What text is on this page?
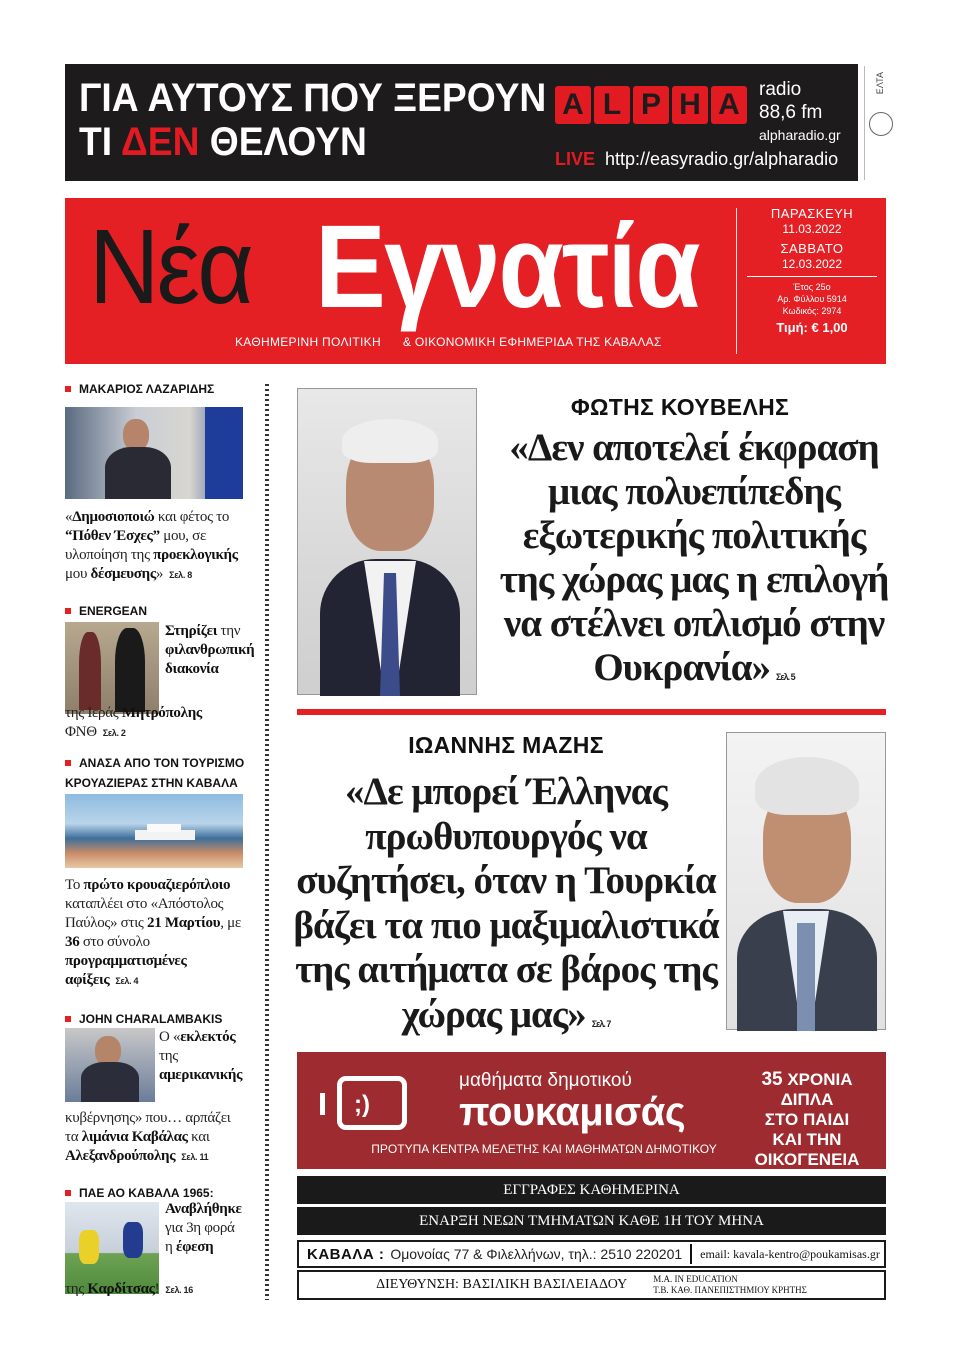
ΓΙΑ ΑΥΤΟΥΣ ΠΟΥ ΞΕΡΟΥΝ
ΤΙ ΔΕΝ ΘΕΛΟΥΝ
A L P H A	radio
88,6 fm
alpharadio.gr
LIVE http://easyradio.gr/alpharadio
ΕΛΤΑ
Νέα Εγνατία
ΚΑΘΗΜΕΡΙΝΗ ΠΟΛΙΤΙΚΗ & ΟΙΚΟΝΟΜΙΚΗ ΕΦΗΜΕΡΙΔΑ ΤΗΣ ΚΑΒΑΛΑΣ
ΠΑΡΑΣΚΕΥΗ
11.03.2022
ΣΑΒΒΑΤΟ
12.03.2022
Έτος 25ο
Αρ. Φύλλου 5914
Κωδικός: 2974
Τιμή: € 1,00
ΜΑΚΑΡΙΟΣ ΛΑΖΑΡΙΔΗΣ
«Δημοσιοποιώ και φέτος το “Πόθεν Έσχες” μου, σε υλοποίηση της προεκλογικής μου δέσμευσης» Σελ. 8
ENERGEAN
Στηρίζει την φιλανθρωπική διακονία
της Ιεράς Μητρόπολης
ΦΝΘ Σελ. 2
ΑΝΑΣΑ ΑΠΟ ΤΟΝ ΤΟΥΡΙΣΜΟ
ΚΡΟΥΑΖΙΕΡΑΣ ΣΤΗΝ ΚΑΒΑΛΑ
Το πρώτο κρουαζιερόπλοιο καταπλέει στο «Απόστολος Παύλος» στις 21 Μαρτίου, με 36 στο σύνολο προγραμματισμένες αφίξεις Σελ. 4
JOHN CHARALAMBAKIS
Ο «εκλεκτός της αμερικανικής
κυβέρνησης» που… αρπάζει τα λιμάνια Καβάλας και Αλεξανδρούπολης Σελ. 11
ΠΑΕ ΑΟ ΚΑΒΑΛΑ 1965:
Αναβλήθηκε για 3η φορά η έφεση
της Καρδίτσας! Σελ. 16
ΦΩΤΗΣ ΚΟΥΒΕΛΗΣ
«Δεν αποτελεί έκφραση
μιας πολυεπίπεδης
εξωτερικής πολιτικής
της χώρας μας η επιλογή
να στέλνει οπλισμό στην
Ουκρανία» Σελ. 5
ΙΩΑΝΝΗΣ ΜΑΖΗΣ
«Δε μπορεί Έλληνας
πρωθυπουργός να
συζητήσει, όταν η Τουρκία
βάζει τα πιο μαξιμαλιστικά
της αιτήματα σε βάρος της
χώρας μας» Σελ. 7
;)
μαθήματα δημοτικού
πουκαμισάς
ΠΡΟΤΥΠΑ ΚΕΝΤΡΑ ΜΕΛΕΤΗΣ ΚΑΙ ΜΑΘΗΜΑΤΩΝ ΔΗΜΟΤΙΚΟΥ
35 ΧΡΟΝΙΑ
ΔΙΠΛΑ
ΣΤΟ ΠΑΙΔΙ
ΚΑΙ ΤΗΝ
ΟΙΚΟΓΕΝΕΙΑ
ΕΓΓΡΑΦΕΣ ΚΑΘΗΜΕΡΙΝΑ
ΕΝΑΡΞΗ ΝΕΩΝ ΤΜΗΜΑΤΩΝ ΚΑΘΕ 1Η ΤΟΥ ΜΗΝΑ
ΚΑΒΑΛΑ : Ομονοίας 77 & Φιλελλήνων, τηλ.: 2510 220201 email: kavala-kentro@poukamisas.gr
ΔΙΕΥΘΥΝΣΗ: ΒΑΣΙΛΙΚΗ ΒΑΣΙΛΕΙΑΔΟΥ	Μ.Α. IN EDUCATION
Τ.Β. ΚΑΘ. ΠΑΝΕΠΙΣΤΗΜΙΟΥ ΚΡΗΤΗΣ
